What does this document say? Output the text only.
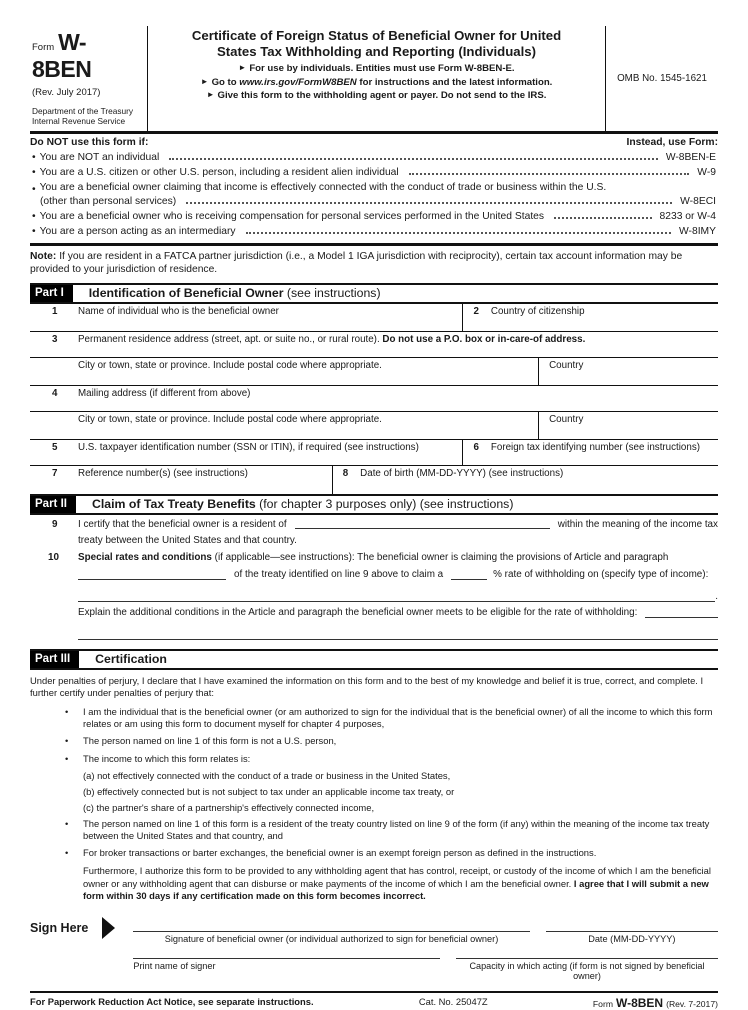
Form W-8BEN
(Rev. July 2017)
Department of the Treasury
Internal Revenue Service
Certificate of Foreign Status of Beneficial Owner for United
States Tax Withholding and Reporting (Individuals)
► For use by individuals. Entities must use Form W-8BEN-E.
► Go to www.irs.gov/FormW8BEN for instructions and the latest information.
► Give this form to the withholding agent or payer. Do not send to the IRS.
OMB No. 1545-1621
Do NOT use this form if:	Instead, use Form:
• You are NOT an individual	W-8BEN-E
• You are a U.S. citizen or other U.S. person, including a resident alien individual	W-9
• You are a beneficial owner claiming that income is effectively connected with the conduct of trade or business within the U.S.
(other than personal services)	W-8ECI
• You are a beneficial owner who is receiving compensation for personal services performed in the United States	8233 or W-4
• You are a person acting as an intermediary	W-8IMY
Note: If you are resident in a FATCA partner jurisdiction (i.e., a Model 1 IGA jurisdiction with reciprocity), certain tax account information may be provided to your jurisdiction of residence.
Part I	Identification of Beneficial Owner (see instructions)
1	Name of individual who is the beneficial owner	2	Country of citizenship
3	Permanent residence address (street, apt. or suite no., or rural route). Do not use a P.O. box or in-care-of address.
City or town, state or province. Include postal code where appropriate.	Country
4	Mailing address (if different from above)
City or town, state or province. Include postal code where appropriate.	Country
5	U.S. taxpayer identification number (SSN or ITIN), if required (see instructions)	6	Foreign tax identifying number (see instructions)
7	Reference number(s) (see instructions)	8	Date of birth (MM-DD-YYYY) (see instructions)
Part II	Claim of Tax Treaty Benefits (for chapter 3 purposes only) (see instructions)
9	I certify that the beneficial owner is a resident of	within the meaning of the income tax
treaty between the United States and that country.
10	Special rates and conditions (if applicable—see instructions): The beneficial owner is claiming the provisions of Article and paragraph
of the treaty identified on line 9 above to claim a	% rate of withholding on (specify type of income):
.
Explain the additional conditions in the Article and paragraph the beneficial owner meets to be eligible for the rate of withholding:
Part III	Certification
Under penalties of perjury, I declare that I have examined the information on this form and to the best of my knowledge and belief it is true, correct, and complete. I further certify under penalties of perjury that:
•	I am the individual that is the beneficial owner (or am authorized to sign for the individual that is the beneficial owner) of all the income to which this form relates or am using this form to document myself for chapter 4 purposes,
•	The person named on line 1 of this form is not a U.S. person,
•	The income to which this form relates is:
(a) not effectively connected with the conduct of a trade or business in the United States,
(b) effectively connected but is not subject to tax under an applicable income tax treaty, or
(c) the partner's share of a partnership's effectively connected income,
•	The person named on line 1 of this form is a resident of the treaty country listed on line 9 of the form (if any) within the meaning of the income tax treaty between the United States and that country, and
•	For broker transactions or barter exchanges, the beneficial owner is an exempt foreign person as defined in the instructions.
Furthermore, I authorize this form to be provided to any withholding agent that has control, receipt, or custody of the income of which I am the beneficial owner or any withholding agent that can disburse or make payments of the income of which I am the beneficial owner. I agree that I will submit a new form within 30 days if any certification made on this form becomes incorrect.
Sign Here
Signature of beneficial owner (or individual authorized to sign for beneficial owner)	Date (MM-DD-YYYY)
Print name of signer	Capacity in which acting (if form is not signed by beneficial owner)
For Paperwork Reduction Act Notice, see separate instructions.	Cat. No. 25047Z	Form W-8BEN (Rev. 7-2017)
